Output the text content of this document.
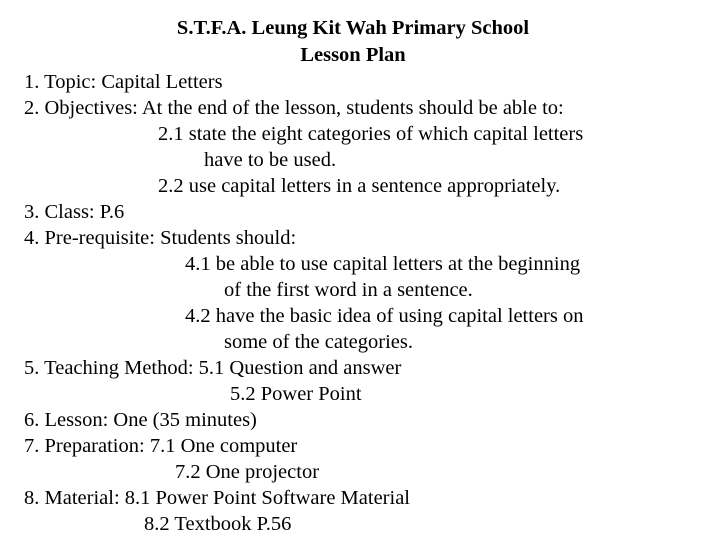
S.T.F.A. Leung Kit Wah Primary School
Lesson Plan
1. Topic: Capital Letters
2. Objectives: At the end of the lesson, students should be able to:
2.1 state the eight categories of which capital letters
have to be used.
2.2 use capital letters in a sentence appropriately.
3. Class: P.6
4. Pre-requisite: Students should:
4.1 be able to use capital letters at the beginning
of the first word in a sentence.
4.2 have the basic idea of using capital letters on
some of the categories.
5. Teaching Method: 5.1 Question and answer
5.2 Power Point
6. Lesson: One (35 minutes)
7. Preparation: 7.1 One computer
7.2 One projector
8. Material: 8.1 Power Point Software Material
8.2 Textbook P.56
